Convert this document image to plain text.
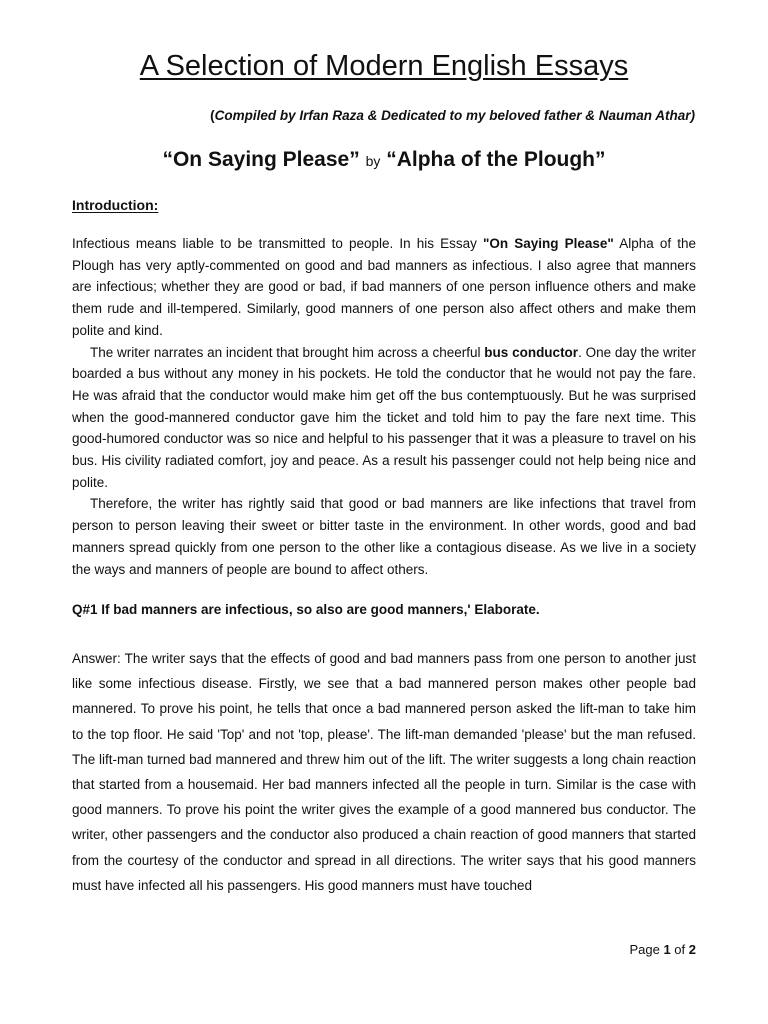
A Selection of Modern English Essays
(Compiled by Irfan Raza & Dedicated to my beloved father & Nauman Athar)
“On Saying Please” by “Alpha of the Plough”
Introduction:

Infectious means liable to be transmitted to people. In his Essay "On Saying Please" Alpha of the Plough has very aptly-commented on good and bad manners as infectious. I also agree that manners are infectious; whether they are good or bad, if bad manners of one person influence others and make them rude and ill-tempered. Similarly, good manners of one person also affect others and make them polite and kind.

The writer narrates an incident that brought him across a cheerful bus conductor. One day the writer boarded a bus without any money in his pockets. He told the conductor that he would not pay the fare. He was afraid that the conductor would make him get off the bus contemptuously. But he was surprised when the good-mannered conductor gave him the ticket and told him to pay the fare next time. This good-humored conductor was so nice and helpful to his passenger that it was a pleasure to travel on his bus. His civility radiated comfort, joy and peace. As a result his passenger could not help being nice and polite.

Therefore, the writer has rightly said that good or bad manners are like infections that travel from person to person leaving their sweet or bitter taste in the environment. In other words, good and bad manners spread quickly from one person to the other like a contagious disease. As we live in a society the ways and manners of people are bound to affect others.

Q#1 If bad manners are infectious, so also are good manners,' Elaborate.

Answer: The writer says that the effects of good and bad manners pass from one person to another just like some infectious disease. Firstly, we see that a bad mannered person makes other people bad mannered. To prove his point, he tells that once a bad mannered person asked the lift-man to take him to the top floor. He said 'Top' and not 'top, please'. The lift-man demanded 'please' but the man refused. The lift-man turned bad mannered and threw him out of the lift. The writer suggests a long chain reaction that started from a housemaid. Her bad manners infected all the people in turn. Similar is the case with good manners. To prove his point the writer gives the example of a good mannered bus conductor. The writer, other passengers and the conductor also produced a chain reaction of good manners that started from the courtesy of the conductor and spread in all directions. The writer says that his good manners must have infected all his passengers. His good manners must have touched

Page 1 of 2
